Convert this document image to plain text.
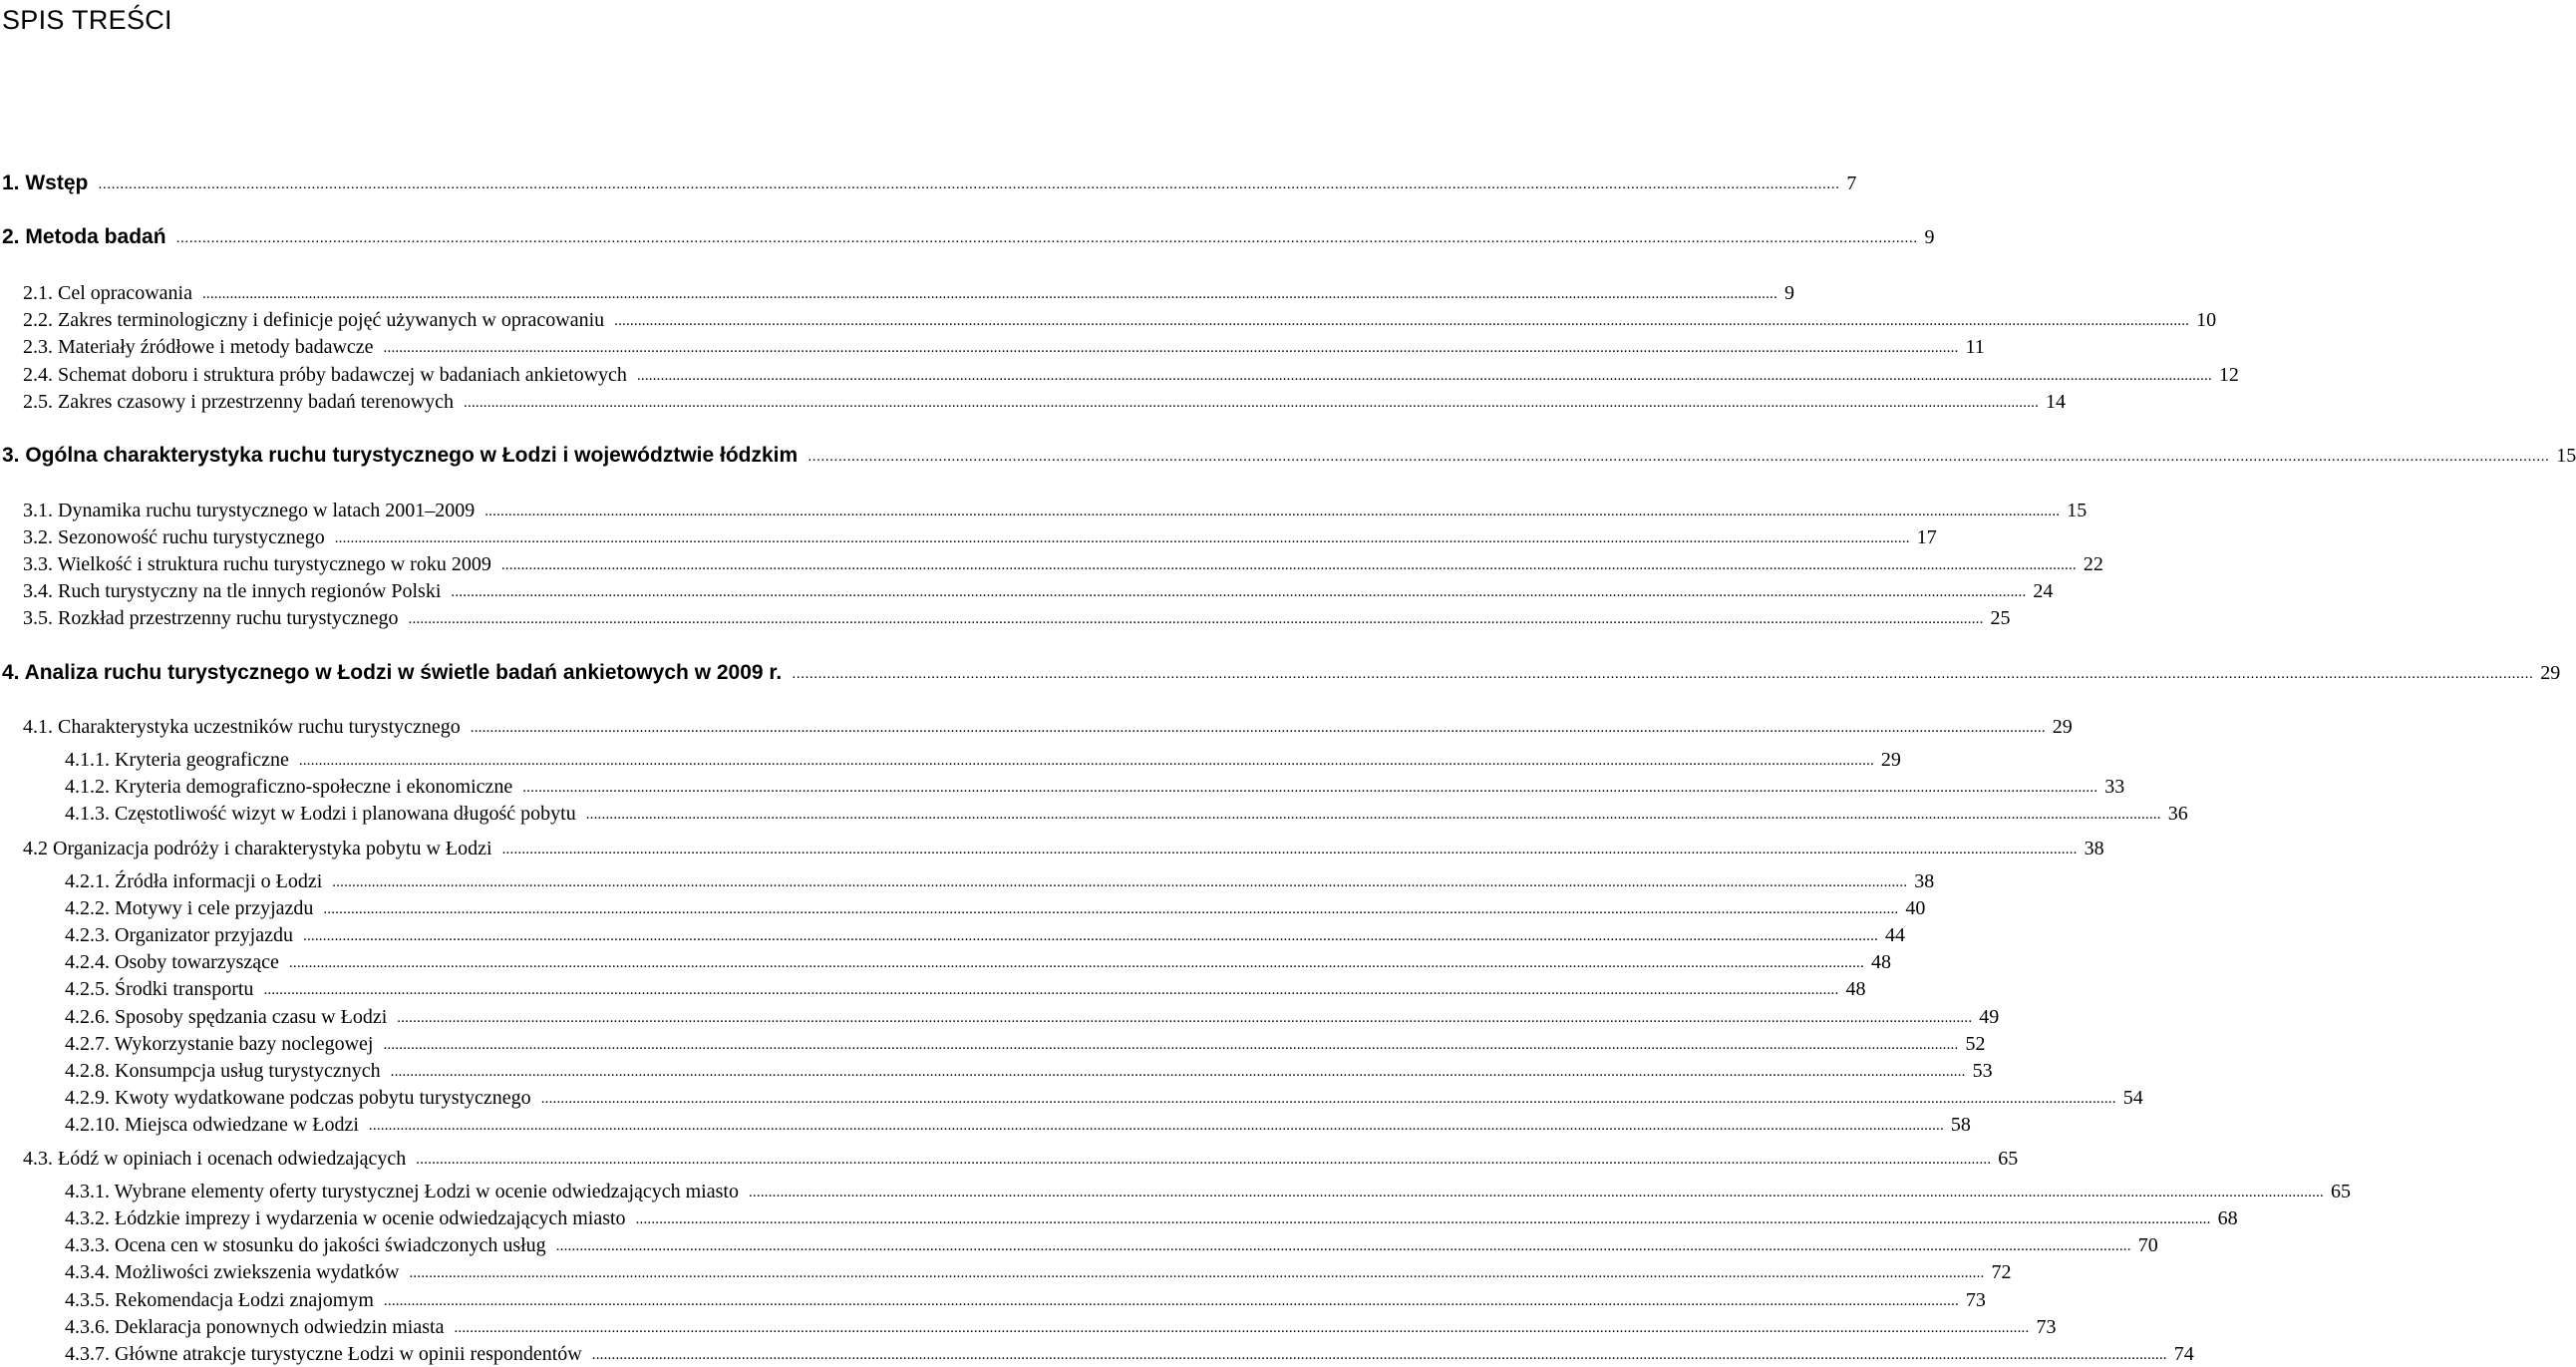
SPIS TREŚCI
1. Wstęp ................................................................................................................................................................................................................................................................................................................................................................................................................ 7
2. Metoda badań ................................................................................................................................................................................................................................................................................................................................................................................................................ 9
2.1. Cel opracowania ................................................................................................................................................................................................................................................................................................................................................................................................................ 9
2.2. Zakres terminologiczny i definicje pojęć używanych w opracowaniu ................................................................................................................................................................................................................................................................................................................................................................................................................ 10
2.3. Materiały źródłowe i metody badawcze ................................................................................................................................................................................................................................................................................................................................................................................................................ 11
2.4. Schemat doboru i struktura próby badawczej w badaniach ankietowych ................................................................................................................................................................................................................................................................................................................................................................................................................ 12
2.5. Zakres czasowy i przestrzenny badań terenowych ................................................................................................................................................................................................................................................................................................................................................................................................................ 14
3. Ogólna charakterystyka ruchu turystycznego w Łodzi i województwie łódzkim ................................................................................................................................................................................................................................................................................................................................................................................................................ 15
3.1. Dynamika ruchu turystycznego w latach 2001–2009 ................................................................................................................................................................................................................................................................................................................................................................................................................ 15
3.2. Sezonowość ruchu turystycznego ................................................................................................................................................................................................................................................................................................................................................................................................................ 17
3.3. Wielkość i struktura ruchu turystycznego w roku 2009 ................................................................................................................................................................................................................................................................................................................................................................................................................ 22
3.4. Ruch turystyczny na tle innych regionów Polski ................................................................................................................................................................................................................................................................................................................................................................................................................ 24
3.5. Rozkład przestrzenny ruchu turystycznego ................................................................................................................................................................................................................................................................................................................................................................................................................ 25
4. Analiza ruchu turystycznego w Łodzi w świetle badań ankietowych w 2009 r. ................................................................................................................................................................................................................................................................................................................................................................................................................ 29
4.1. Charakterystyka uczestników ruchu turystycznego ................................................................................................................................................................................................................................................................................................................................................................................................................ 29
4.1.1. Kryteria geograficzne ................................................................................................................................................................................................................................................................................................................................................................................................................ 29
4.1.2. Kryteria demograficzno-społeczne i ekonomiczne ................................................................................................................................................................................................................................................................................................................................................................................................................ 33
4.1.3. Częstotliwość wizyt w Łodzi i planowana długość pobytu ................................................................................................................................................................................................................................................................................................................................................................................................................ 36
4.2 Organizacja podróży i charakterystyka pobytu w Łodzi ................................................................................................................................................................................................................................................................................................................................................................................................................ 38
4.2.1. Źródła informacji o Łodzi ................................................................................................................................................................................................................................................................................................................................................................................................................ 38
4.2.2. Motywy i cele przyjazdu ................................................................................................................................................................................................................................................................................................................................................................................................................ 40
4.2.3. Organizator przyjazdu ................................................................................................................................................................................................................................................................................................................................................................................................................ 44
4.2.4. Osoby towarzyszące ................................................................................................................................................................................................................................................................................................................................................................................................................ 48
4.2.5. Środki transportu ................................................................................................................................................................................................................................................................................................................................................................................................................ 48
4.2.6. Sposoby spędzania czasu w Łodzi ................................................................................................................................................................................................................................................................................................................................................................................................................ 49
4.2.7. Wykorzystanie bazy noclegowej ................................................................................................................................................................................................................................................................................................................................................................................................................ 52
4.2.8. Konsumpcja usług turystycznych ................................................................................................................................................................................................................................................................................................................................................................................................................ 53
4.2.9. Kwoty wydatkowane podczas pobytu turystycznego ................................................................................................................................................................................................................................................................................................................................................................................................................ 54
4.2.10. Miejsca odwiedzane w Łodzi ................................................................................................................................................................................................................................................................................................................................................................................................................ 58
4.3. Łódź w opiniach i ocenach odwiedzających ................................................................................................................................................................................................................................................................................................................................................................................................................ 65
4.3.1. Wybrane elementy oferty turystycznej Łodzi w ocenie odwiedzających miasto ................................................................................................................................................................................................................................................................................................................................................................................................................ 65
4.3.2. Łódzkie imprezy i wydarzenia w ocenie odwiedzających miasto ................................................................................................................................................................................................................................................................................................................................................................................................................ 68
4.3.3. Ocena cen w stosunku do jakości świadczonych usług ................................................................................................................................................................................................................................................................................................................................................................................................................ 70
4.3.4. Możliwości zwiekszenia wydatków ................................................................................................................................................................................................................................................................................................................................................................................................................ 72
4.3.5. Rekomendacja Łodzi znajomym ................................................................................................................................................................................................................................................................................................................................................................................................................ 73
4.3.6. Deklaracja ponownych odwiedzin miasta ................................................................................................................................................................................................................................................................................................................................................................................................................ 73
4.3.7. Główne atrakcje turystyczne Łodzi w opinii respondentów ................................................................................................................................................................................................................................................................................................................................................................................................................ 74
